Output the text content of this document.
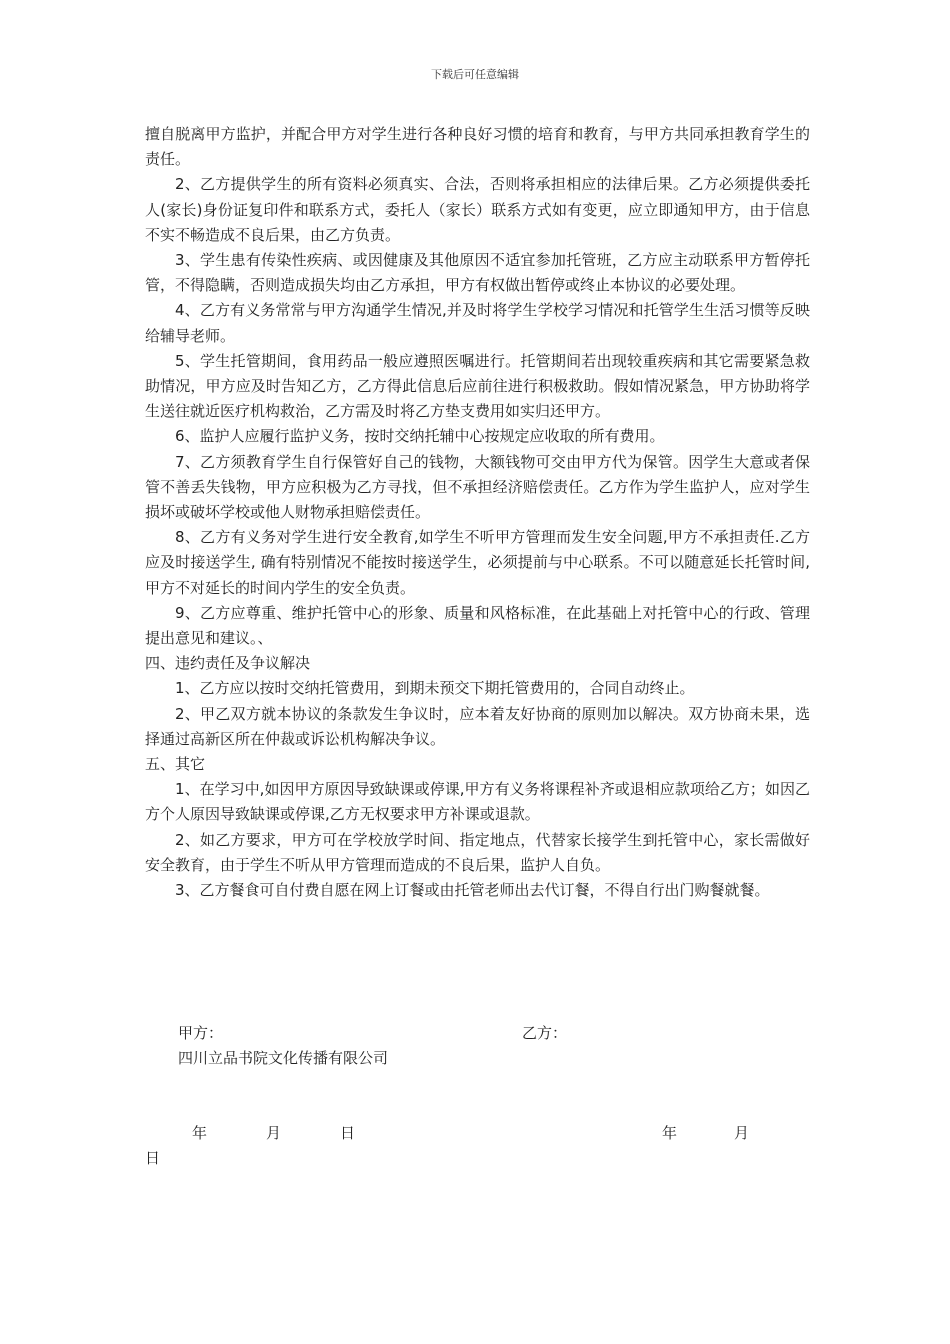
下载后可任意编辑

擅自脱离甲方监护，并配合甲方对学生进行各种良好习惯的培育和教育，与甲方共同承担教育学生的责任。

2、乙方提供学生的所有资料必须真实、合法，否则将承担相应的法律后果。乙方必须提供委托人(家长)身份证复印件和联系方式，委托人（家长）联系方式如有变更，应立即通知甲方，由于信息不实不畅造成不良后果，由乙方负责。

3、学生患有传染性疾病、或因健康及其他原因不适宜参加托管班，乙方应主动联系甲方暂停托管，不得隐瞒，否则造成损失均由乙方承担，甲方有权做出暂停或终止本协议的必要处理。

4、乙方有义务常常与甲方沟通学生情况,并及时将学生学校学习情况和托管学生生活习惯等反映给辅导老师。

5、学生托管期间，食用药品一般应遵照医嘱进行。托管期间若出现较重疾病和其它需要紧急救助情况，甲方应及时告知乙方，乙方得此信息后应前往进行积极救助。假如情况紧急，甲方协助将学生送往就近医疗机构救治，乙方需及时将乙方垫支费用如实归还甲方。

6、监护人应履行监护义务，按时交纳托辅中心按规定应收取的所有费用。

7、乙方须教育学生自行保管好自己的钱物，大额钱物可交由甲方代为保管。因学生大意或者保管不善丢失钱物，甲方应积极为乙方寻找，但不承担经济赔偿责任。乙方作为学生监护人，应对学生损坏或破坏学校或他人财物承担赔偿责任。

8、乙方有义务对学生进行安全教育,如学生不听甲方管理而发生安全问题,甲方不承担责任.乙方应及时接送学生, 确有特别情况不能按时接送学生，必须提前与中心联系。不可以随意延长托管时间,甲方不对延长的时间内学生的安全负责。

9、乙方应尊重、维护托管中心的形象、质量和风格标准，在此基础上对托管中心的行政、管理提出意见和建议。、

四、违约责任及争议解决

1、乙方应以按时交纳托管费用，到期未预交下期托管费用的，合同自动终止。

2、甲乙双方就本协议的条款发生争议时，应本着友好协商的原则加以解决。双方协商未果，选择通过高新区所在仲裁或诉讼机构解决争议。

五、其它

1、在学习中,如因甲方原因导致缺课或停课,甲方有义务将课程补齐或退相应款项给乙方；如因乙方个人原因导致缺课或停课,乙方无权要求甲方补课或退款。

2、如乙方要求，甲方可在学校放学时间、指定地点，代替家长接学生到托管中心，家长需做好安全教育，由于学生不听从甲方管理而造成的不良后果，监护人自负。

3、乙方餐食可自付费自愿在网上订餐或由托管老师出去代订餐，不得自行出门购餐就餐。

甲方：	乙方：
四川立品书院文化传播有限公司
年	月	日	年	月
日
